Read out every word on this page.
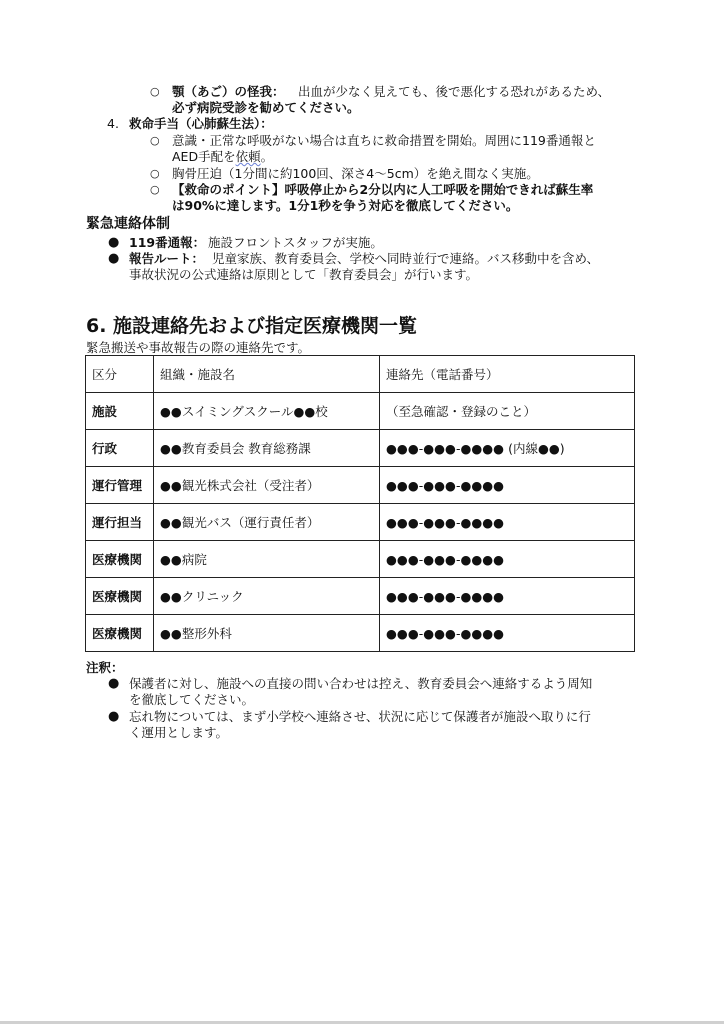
○ 顎（あご）の怪我： 出血が少なく見えても、後で悪化する恐れがあるため、
必ず病院受診を勧めてください。
4. 救命手当（心肺蘇生法）：
○ 意識・正常な呼吸がない場合は直ちに救命措置を開始。周囲に119番通報と
AED手配を依頼。
○ 胸骨圧迫（1分間に約100回、深さ4〜5cm）を絶え間なく実施。
○ 【救命のポイント】呼吸停止から2分以内に人工呼吸を開始できれば蘇生率
は90%に達します。1分1秒を争う対応を徹底してください。
緊急連絡体制
● 119番通報： 施設フロントスタッフが実施。
● 報告ルート： 児童家族、教育委員会、学校へ同時並行で連絡。バス移動中を含め、
事故状況の公式連絡は原則として「教育委員会」が行います。
6. 施設連絡先および指定医療機関一覧
緊急搬送や事故報告の際の連絡先です。
区分	組織・施設名	連絡先（電話番号）
施設	●●スイミングスクール●●校	（至急確認・登録のこと）
行政	●●教育委員会 教育総務課	●●●-●●●-●●●● (内線●●)
運行管理	●●観光株式会社（受注者）	●●●-●●●-●●●●
運行担当	●●観光バス（運行責任者）	●●●-●●●-●●●●
医療機関	●●病院	●●●-●●●-●●●●
医療機関	●●クリニック	●●●-●●●-●●●●
医療機関	●●整形外科	●●●-●●●-●●●●
注釈：
● 保護者に対し、施設への直接の問い合わせは控え、教育委員会へ連絡するよう周知
を徹底してください。
● 忘れ物については、まず小学校へ連絡させ、状況に応じて保護者が施設へ取りに行
く運用とします。
